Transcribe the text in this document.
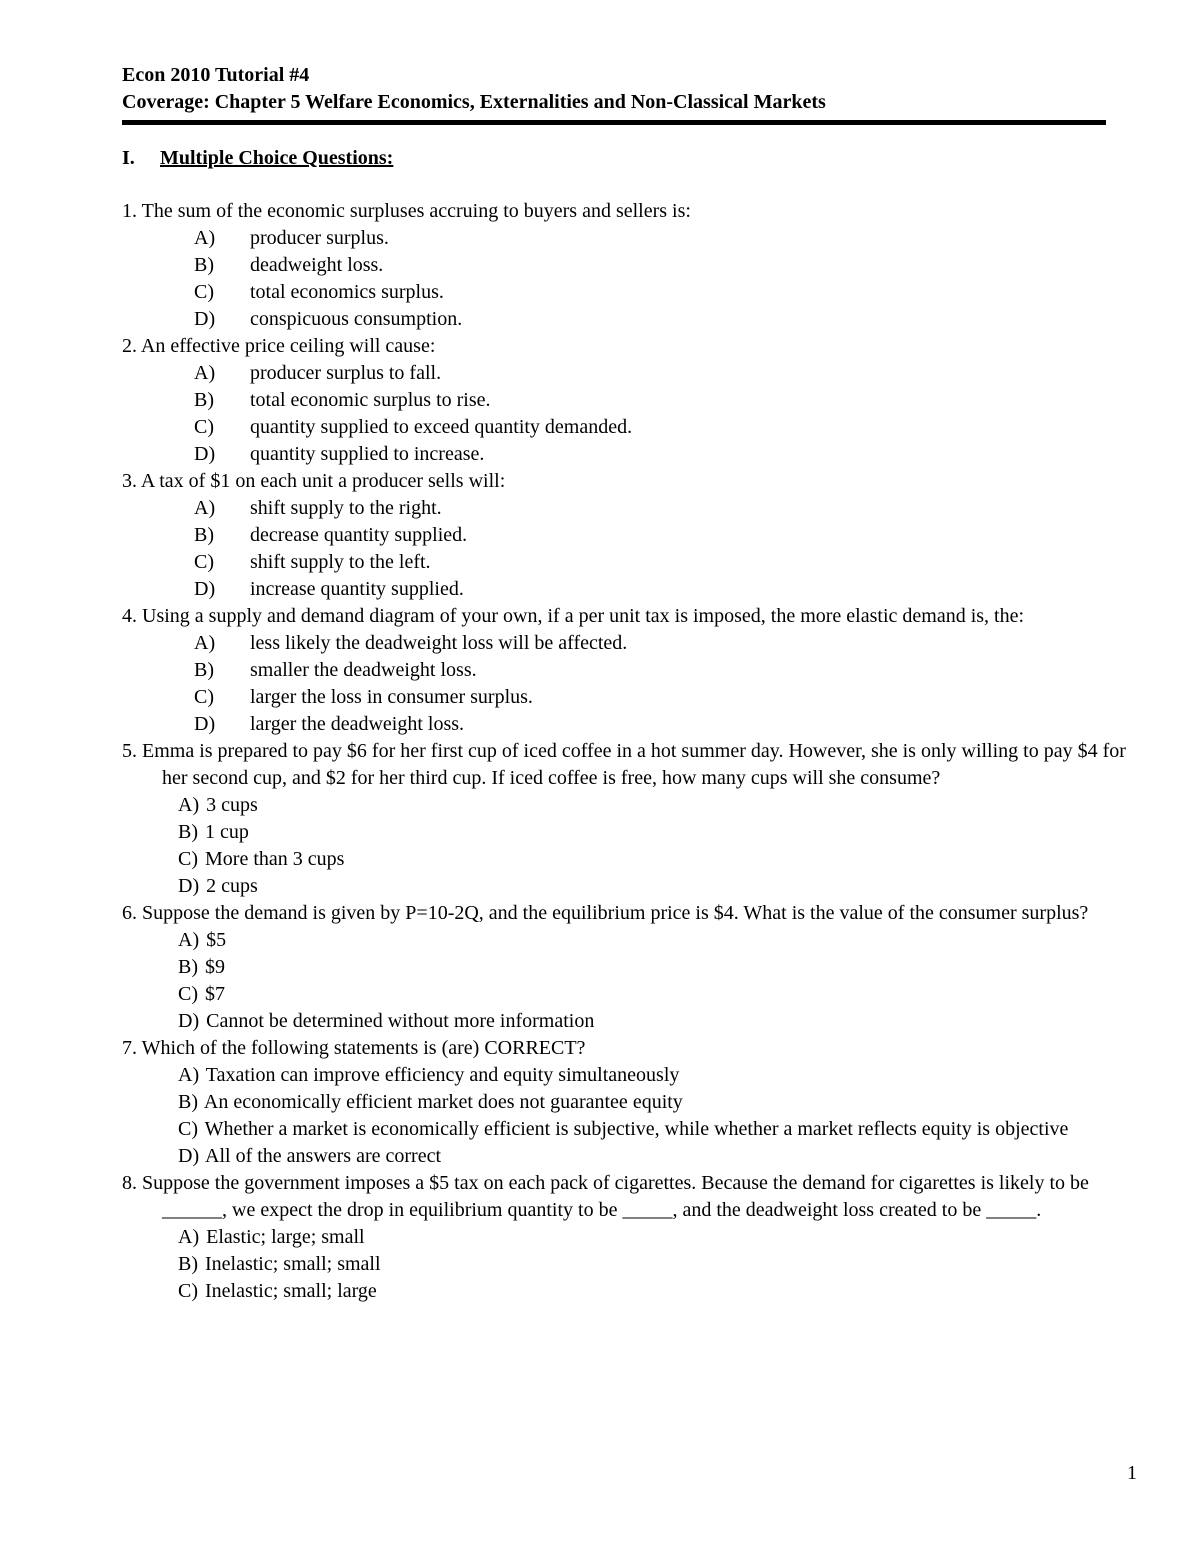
Econ 2010 Tutorial #4
Coverage: Chapter 5 Welfare Economics, Externalities and Non-Classical Markets
I. Multiple Choice Questions:
1. The sum of the economic surpluses accruing to buyers and sellers is:
A) producer surplus.
B) deadweight loss.
C) total economics surplus.
D) conspicuous consumption.
2. An effective price ceiling will cause:
A) producer surplus to fall.
B) total economic surplus to rise.
C) quantity supplied to exceed quantity demanded.
D) quantity supplied to increase.
3. A tax of $1 on each unit a producer sells will:
A) shift supply to the right.
B) decrease quantity supplied.
C) shift supply to the left.
D) increase quantity supplied.
4. Using a supply and demand diagram of your own, if a per unit tax is imposed, the more elastic demand is, the:
A) less likely the deadweight loss will be affected.
B) smaller the deadweight loss.
C) larger the loss in consumer surplus.
D) larger the deadweight loss.
5. Emma is prepared to pay $6 for her first cup of iced coffee in a hot summer day. However, she is only willing to pay $4 for her second cup, and $2 for her third cup. If iced coffee is free, how many cups will she consume?
A) 3 cups
B) 1 cup
C) More than 3 cups
D) 2 cups
6. Suppose the demand is given by P=10-2Q, and the equilibrium price is $4. What is the value of the consumer surplus?
A) $5
B) $9
C) $7
D) Cannot be determined without more information
7. Which of the following statements is (are) CORRECT?
A) Taxation can improve efficiency and equity simultaneously
B) An economically efficient market does not guarantee equity
C) Whether a market is economically efficient is subjective, while whether a market reflects equity is objective
D) All of the answers are correct
8. Suppose the government imposes a $5 tax on each pack of cigarettes. Because the demand for cigarettes is likely to be ______, we expect the drop in equilibrium quantity to be _____, and the deadweight loss created to be _____.
A) Elastic; large; small
B) Inelastic; small; small
C) Inelastic; small; large
1
